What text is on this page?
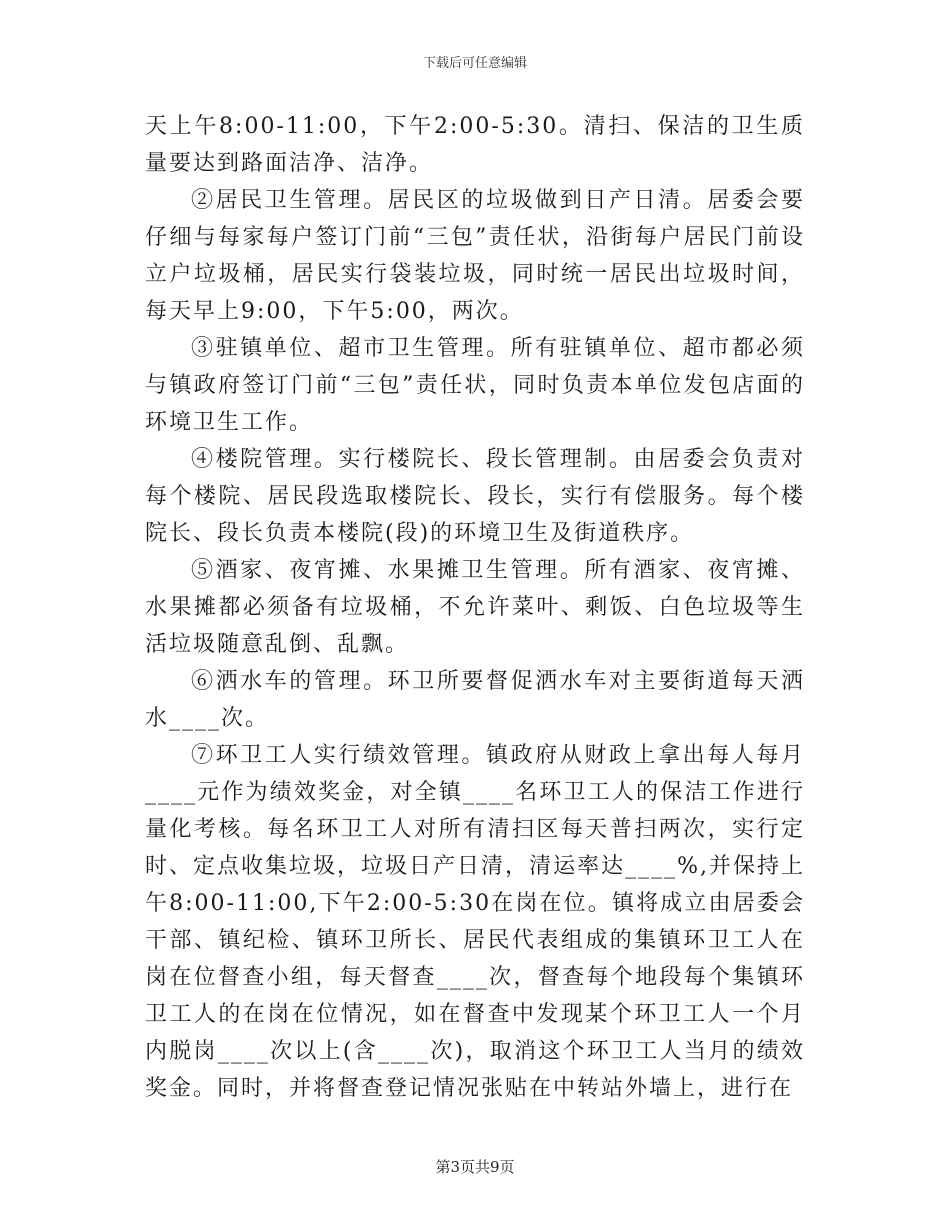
下载后可任意编辑

天上午8:00-11:00，下午2:00-5:30。清扫、保洁的卫生质量要达到路面洁净、洁净。

②居民卫生管理。居民区的垃圾做到日产日清。居委会要仔细与每家每户签订门前“三包”责任状，沿街每户居民门前设立户垃圾桶，居民实行袋装垃圾，同时统一居民出垃圾时间，每天早上9:00，下午5:00，两次。

③驻镇单位、超市卫生管理。所有驻镇单位、超市都必须与镇政府签订门前“三包”责任状，同时负责本单位发包店面的环境卫生工作。

④楼院管理。实行楼院长、段长管理制。由居委会负责对每个楼院、居民段选取楼院长、段长，实行有偿服务。每个楼院长、段长负责本楼院(段)的环境卫生及街道秩序。

⑤酒家、夜宵摊、水果摊卫生管理。所有酒家、夜宵摊、水果摊都必须备有垃圾桶，不允许菜叶、剩饭、白色垃圾等生活垃圾随意乱倒、乱飘。

⑥洒水车的管理。环卫所要督促洒水车对主要街道每天洒水____次。

⑦环卫工人实行绩效管理。镇政府从财政上拿出每人每月____元作为绩效奖金，对全镇____名环卫工人的保洁工作进行量化考核。每名环卫工人对所有清扫区每天普扫两次，实行定时、定点收集垃圾，垃圾日产日清，清运率达____%,并保持上午8:00-11:00,下午2:00-5:30在岗在位。镇将成立由居委会干部、镇纪检、镇环卫所长、居民代表组成的集镇环卫工人在岗在位督查小组，每天督查____次，督查每个地段每个集镇环卫工人的在岗在位情况，如在督查中发现某个环卫工人一个月内脱岗____次以上(含____次)，取消这个环卫工人当月的绩效奖金。同时，并将督查登记情况张贴在中转站外墙上，进行在

第3页共9页
